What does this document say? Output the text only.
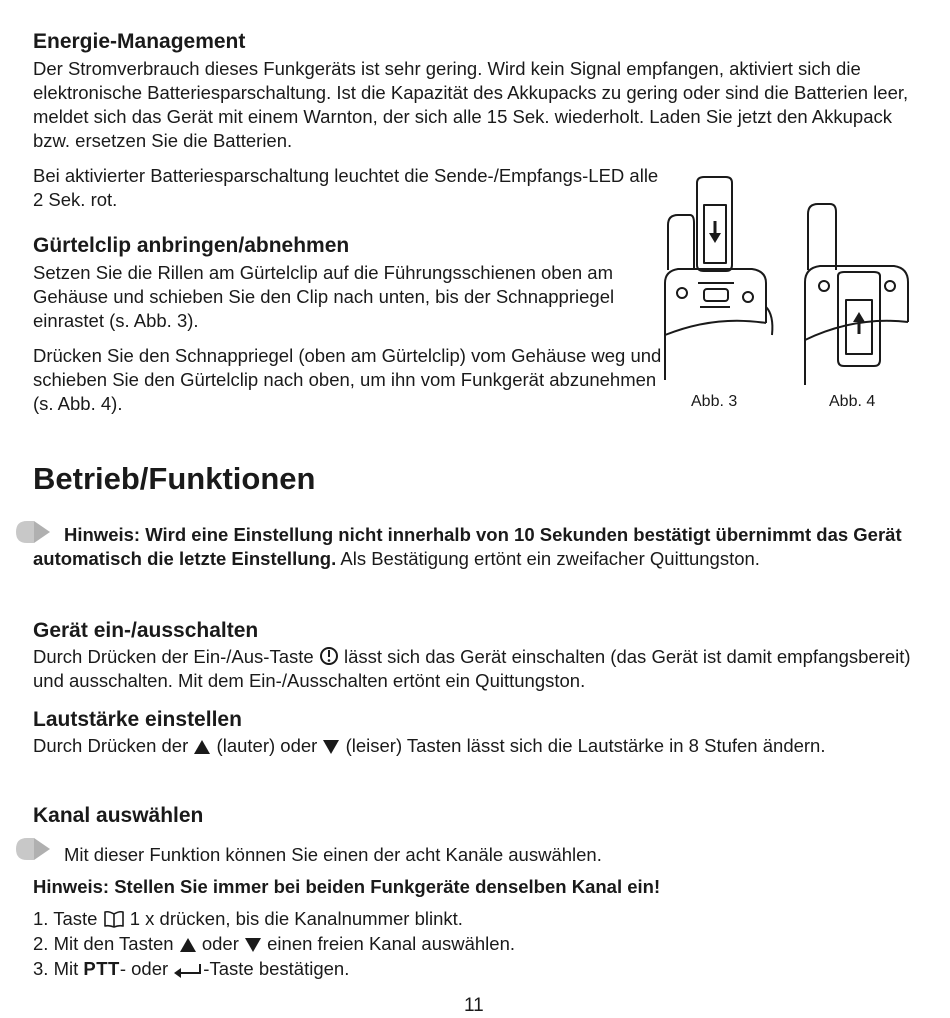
Energie-Management

Der Stromverbrauch dieses Funkgeräts ist sehr gering. Wird kein Signal empfangen, aktiviert sich die elektronische Batteriesparschaltung. Ist die Kapazität des Akkupacks zu gering oder sind die Batterien leer, meldet sich das Gerät mit einem Warnton, der sich alle 15 Sek. wiederholt. Laden Sie jetzt den Akkupack bzw. ersetzen Sie die Batterien.

Bei aktivierter Batteriesparschaltung leuchtet die Sende-/Empfangs-LED alle 2 Sek. rot.

Gürtelclip anbringen/abnehmen

Setzen Sie die Rillen am Gürtelclip auf die Führungsschienen oben am Gehäuse und schieben Sie den Clip nach unten, bis der Schnappriegel einrastet (s. Abb. 3).

Drücken Sie den Schnappriegel (oben am Gürtelclip) vom Gehäuse weg und schieben Sie den Gürtelclip nach oben, um ihn vom Funkgerät abzunehmen (s. Abb. 4).	Abb. 3	Abb. 4
Betrieb/Funktionen

Hinweis: Wird eine Einstellung nicht innerhalb von 10 Sekunden bestätigt übernimmt das Gerät automatisch die letzte Einstellung. Als Bestätigung ertönt ein zweifacher Quittungston.

Gerät ein-/ausschalten

Durch Drücken der Ein-/Aus-Taste  lässt sich das Gerät einschalten (das Gerät ist damit empfangsbereit) und ausschalten. Mit dem Ein-/Ausschalten ertönt ein Quittungston.

Lautstärke einstellen

Durch Drücken der  (lauter) oder  (leiser) Tasten lässt sich die Lautstärke in 8 Stufen ändern.

Kanal auswählen

Mit dieser Funktion können Sie einen der acht Kanäle auswählen.

Hinweis: Stellen Sie immer bei beiden Funkgeräte denselben Kanal ein!

1. Taste  1 x drücken, bis die Kanalnummer blinkt.

2. Mit den Tasten  oder  einen freien Kanal auswählen.

3. Mit PTT- oder -Taste bestätigen.

11
